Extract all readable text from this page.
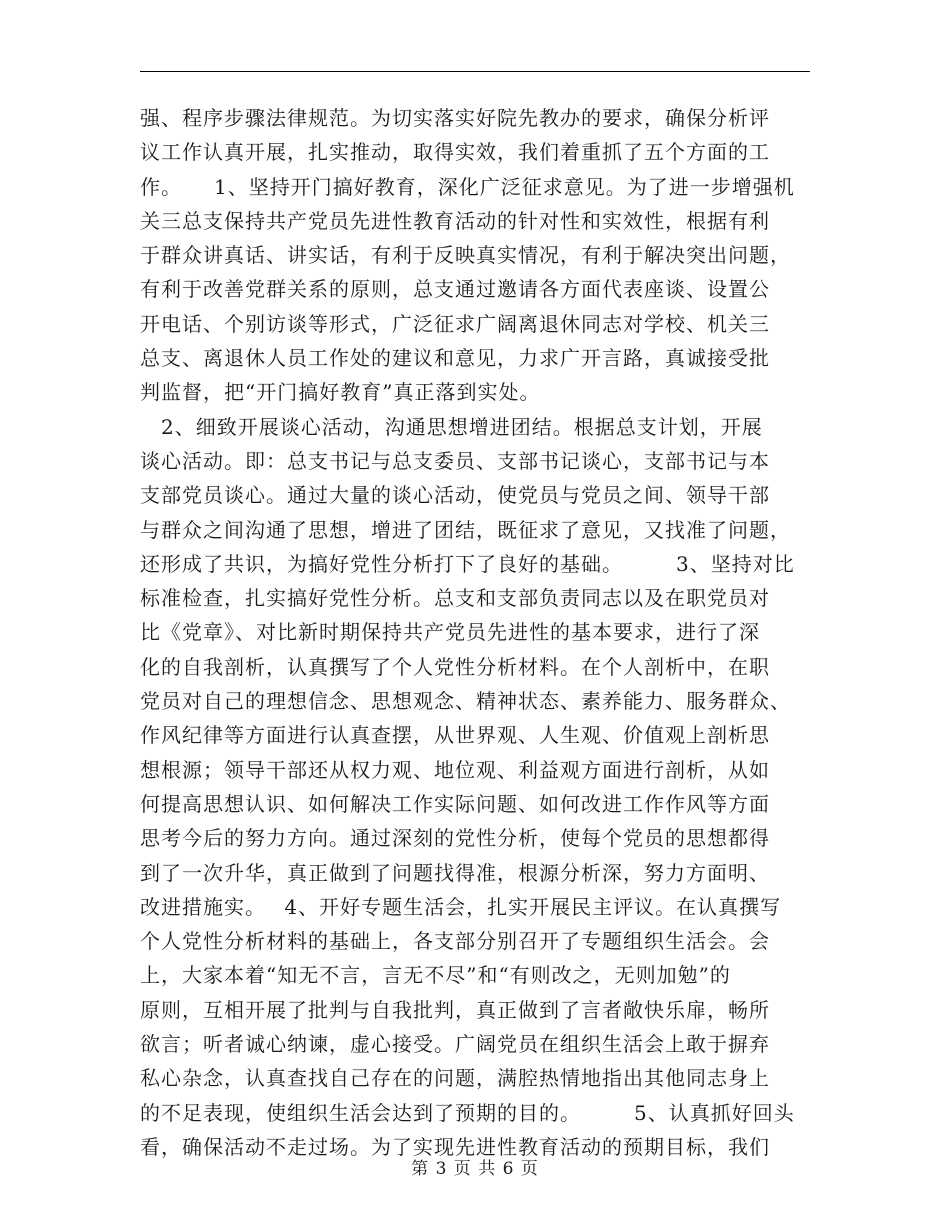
强、程序步骤法律规范。为切实落实好院先教办的要求，确保分析评
议工作认真开展，扎实推动，取得实效，我们着重抓了五个方面的工
作。　　1、坚持开门搞好教育，深化广泛征求意见。为了进一步增强机
关三总支保持共产党员先进性教育活动的针对性和实效性，根据有利
于群众讲真话、讲实话，有利于反映真实情况，有利于解决突出问题，
有利于改善党群关系的原则，总支通过邀请各方面代表座谈、设置公
开电话、个别访谈等形式，广泛征求广阔离退休同志对学校、机关三
总支、离退休人员工作处的建议和意见，力求广开言路，真诚接受批
判监督，把“开门搞好教育”真正落到实处。
　2、细致开展谈心活动，沟通思想增进团结。根据总支计划，开展
谈心活动。即：总支书记与总支委员、支部书记谈心，支部书记与本
支部党员谈心。通过大量的谈心活动，使党员与党员之间、领导干部
与群众之间沟通了思想，增进了团结，既征求了意见，又找准了问题，
还形成了共识，为搞好党性分析打下了良好的基础。　　　3、坚持对比
标准检查，扎实搞好党性分析。总支和支部负责同志以及在职党员对
比《党章》、对比新时期保持共产党员先进性的基本要求，进行了深
化的自我剖析，认真撰写了个人党性分析材料。在个人剖析中，在职
党员对自己的理想信念、思想观念、精神状态、素养能力、服务群众、
作风纪律等方面进行认真查摆，从世界观、人生观、价值观上剖析思
想根源；领导干部还从权力观、地位观、利益观方面进行剖析，从如
何提高思想认识、如何解决工作实际问题、如何改进工作作风等方面
思考今后的努力方向。通过深刻的党性分析，使每个党员的思想都得
到了一次升华，真正做到了问题找得准，根源分析深，努力方面明、
改进措施实。　 4、开好专题生活会，扎实开展民主评议。在认真撰写
个人党性分析材料的基础上，各支部分别召开了专题组织生活会。会
上，大家本着“知无不言，言无不尽”和“有则改之，无则加勉”的
原则，互相开展了批判与自我批判，真正做到了言者敞快乐扉，畅所
欲言；听者诚心纳谏，虚心接受。广阔党员在组织生活会上敢于摒弃
私心杂念，认真查找自己存在的问题，满腔热情地指出其他同志身上
的不足表现，使组织生活会达到了预期的目的。　　　5、认真抓好回头
看，确保活动不走过场。为了实现先进性教育活动的预期目标，我们
第 3 页 共 6 页
